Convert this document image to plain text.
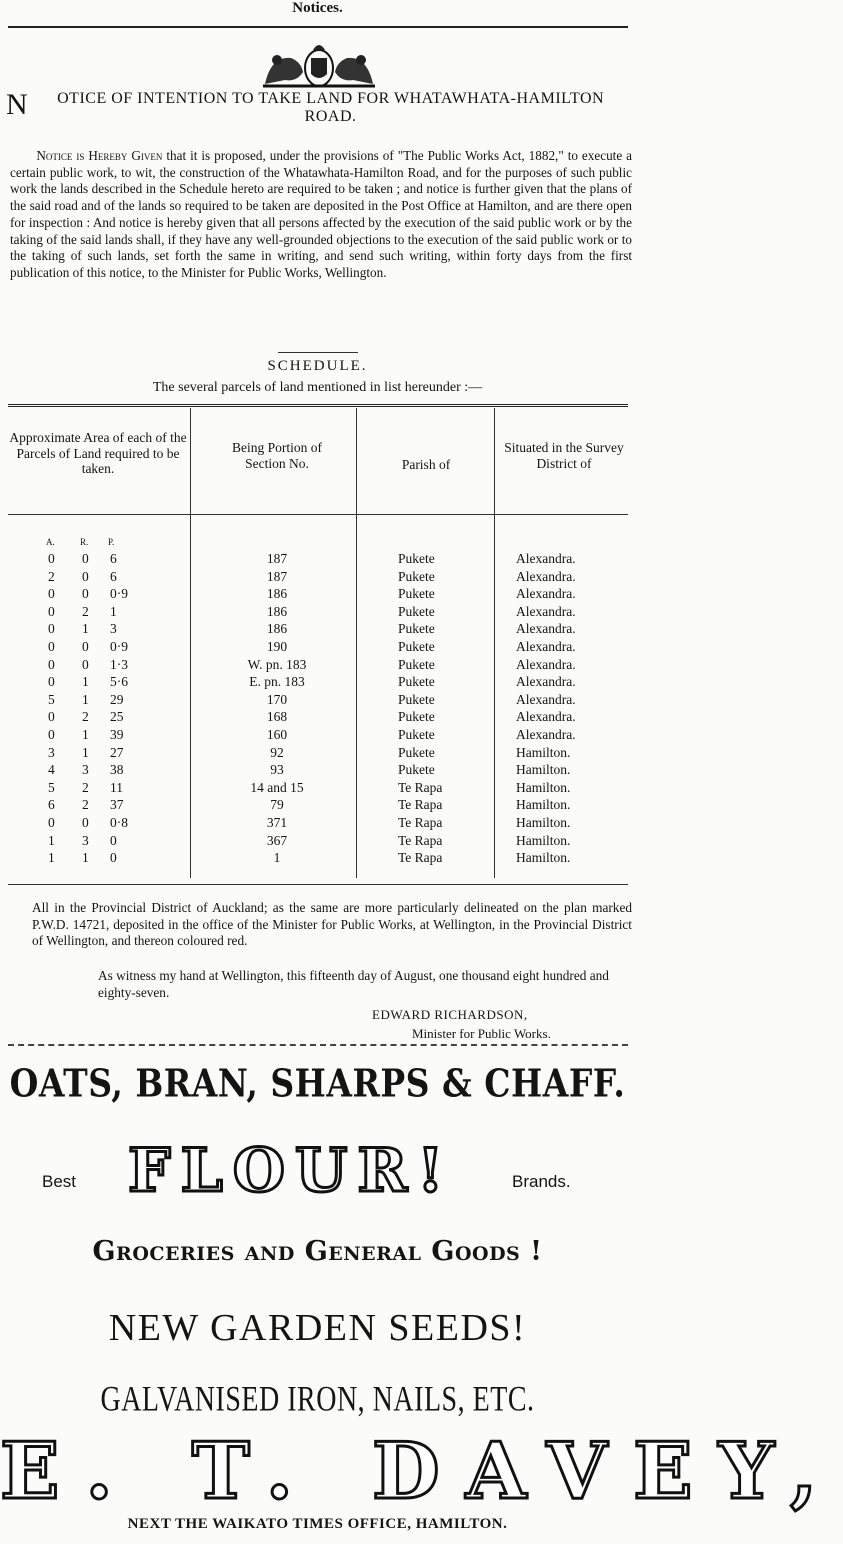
Notices.
N OTICE OF INTENTION TO TAKE LAND FOR WHATAWHATA-HAMILTON ROAD.
  Notice is Hereby Given that it is proposed, under the provisions of "The Public Works Act, 1882," to execute a certain public work, to wit, the construction of the Whatawhata-Hamilton Road, and for the purposes of such public work the lands described in the Schedule hereto are required to be taken ; and notice is further given that the plans of the said road and of the lands so required to be taken are deposited in the Post Office at Hamilton, and are there open for inspection : And notice is hereby given that all persons affected by the execution of the said public work or by the taking of the said lands shall, if they have any well-grounded objections to the execution of the said public work or to the taking of such lands, set forth the same in writing, and send such writing, within forty days from the first publication of this notice, to the Minister for Public Works, Wellington.
SCHEDULE.
The several parcels of land mentioned in list hereunder :—
Approximate Area of each of the Parcels of Land required to be taken.
Being Portion of Section No.	Parish of
Situated in the Survey District of
A.	R. P.
0 0 6	187	Pukete	Alexandra.
2 0 6	187	Pukete	Alexandra.
0 0 0·9	186	Pukete	Alexandra.
0 2 1	186	Pukete	Alexandra.
0 1 3	186	Pukete	Alexandra.
0 0 0·9	190	Pukete	Alexandra.
0 0 1·3	W. pn. 183	Pukete	Alexandra.
0 1 5·6	E. pn. 183	Pukete	Alexandra.
5 1 29	170	Pukete	Alexandra.
0 2 25	168	Pukete	Alexandra.
0 1 39	160	Pukete	Alexandra.
3 1 27	92	Pukete	Hamilton.
4 3 38	93	Pukete	Hamilton.
5 2 11	14 and 15	Te Rapa	Hamilton.
6 2 37	79	Te Rapa	Hamilton.
0 0 0·8	371	Te Rapa	Hamilton.
1 3 0	367	Te Rapa	Hamilton.
1 1 0	1	Te Rapa	Hamilton.
All in the Provincial District of Auckland; as the same are more particularly delineated on the plan marked P.W.D. 14721, deposited in the office of the Minister for Public Works, at Wellington, in the Provincial District of Wellington, and thereon coloured red.
As witness my hand at Wellington, this fifteenth day of August, one thousand eight hundred and eighty-seven.
EDWARD RICHARDSON,
Minister for Public Works.
OATS, BRAN, SHARPS & CHAFF.
Best FLOUR!	Brands.
Groceries and General Goods !
NEW GARDEN SEEDS!
GALVANISED IRON, NAILS, ETC.
E. T. DAVEY,
NEXT THE WAIKATO TIMES OFFICE, HAMILTON.
